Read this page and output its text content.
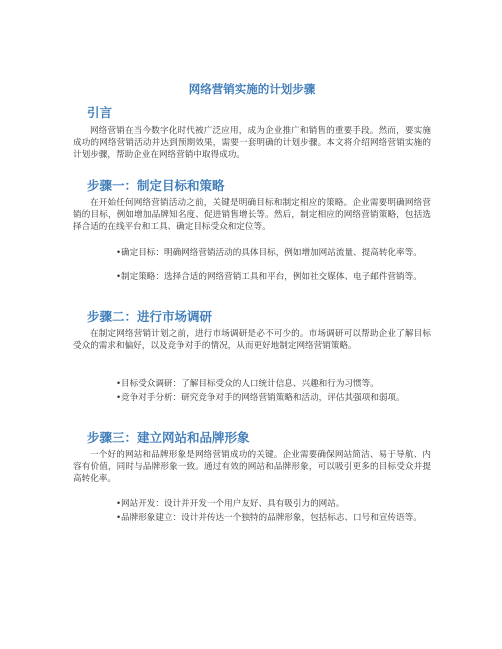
网络营销实施的计划步骤
引言

网络营销在当今数字化时代被广泛应用，成为企业推广和销售的重要手段。然而，要实施成功的网络营销活动并达到预期效果，需要一套明确的计划步骤。本文将介绍网络营销实施的计划步骤，帮助企业在网络营销中取得成功。

步骤一：制定目标和策略

在开始任何网络营销活动之前，关键是明确目标和制定相应的策略。企业需要明确网络营销的目标，例如增加品牌知名度、促进销售增长等。然后，制定相应的网络营销策略，包括选择合适的在线平台和工具、确定目标受众和定位等。

• 确定目标：明确网络营销活动的具体目标，例如增加网站流量、提高转化率等。
• 制定策略：选择合适的网络营销工具和平台，例如社交媒体、电子邮件营销等。
步骤二：进行市场调研

在制定网络营销计划之前，进行市场调研是必不可少的。市场调研可以帮助企业了解目标受众的需求和偏好，以及竞争对手的情况，从而更好地制定网络营销策略。

• 目标受众调研：了解目标受众的人口统计信息、兴趣和行为习惯等。
• 竞争对手分析：研究竞争对手的网络营销策略和活动，评估其强项和弱项。
步骤三：建立网站和品牌形象

一个好的网站和品牌形象是网络营销成功的关键。企业需要确保网站简洁、易于导航、内容有价值，同时与品牌形象一致。通过有效的网站和品牌形象，可以吸引更多的目标受众并提高转化率。

• 网站开发：设计并开发一个用户友好、具有吸引力的网站。
• 品牌形象建立：设计并传达一个独特的品牌形象，包括标志、口号和宣传语等。
